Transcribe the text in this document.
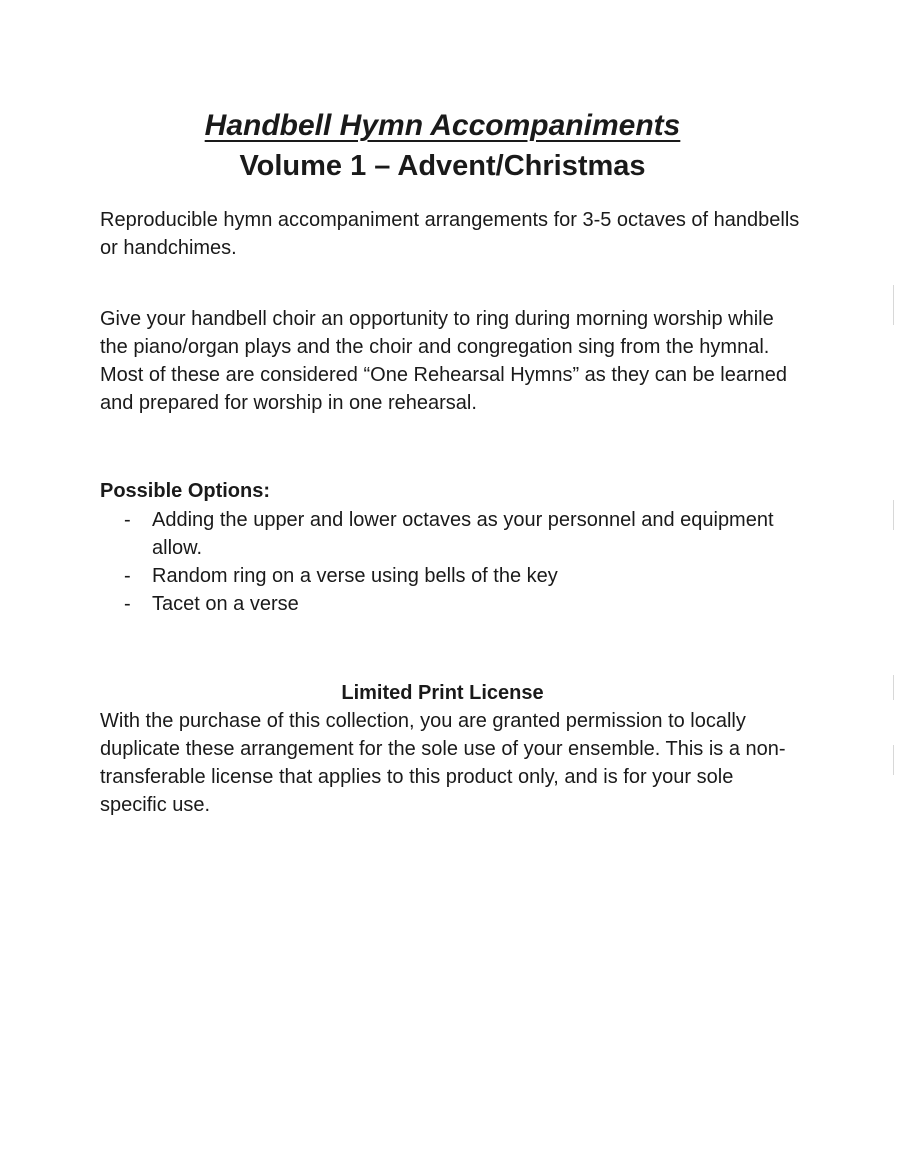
Handbell Hymn Accompaniments
Volume 1 – Advent/Christmas

Reproducible hymn accompaniment arrangements for 3-5 octaves of handbells or handchimes.

Give your handbell choir an opportunity to ring during morning worship while the piano/organ plays and the choir and congregation sing from the hymnal. Most of these are considered “One Rehearsal Hymns” as they can be learned and prepared for worship in one rehearsal.

Possible Options:

- Adding the upper and lower octaves as your personnel and equipment allow.
- Random ring on a verse using bells of the key
- Tacet on a verse

Limited Print License

With the purchase of this collection, you are granted permission to locally duplicate these arrangement for the sole use of your ensemble. This is a non-transferable license that applies to this product only, and is for your sole specific use.
